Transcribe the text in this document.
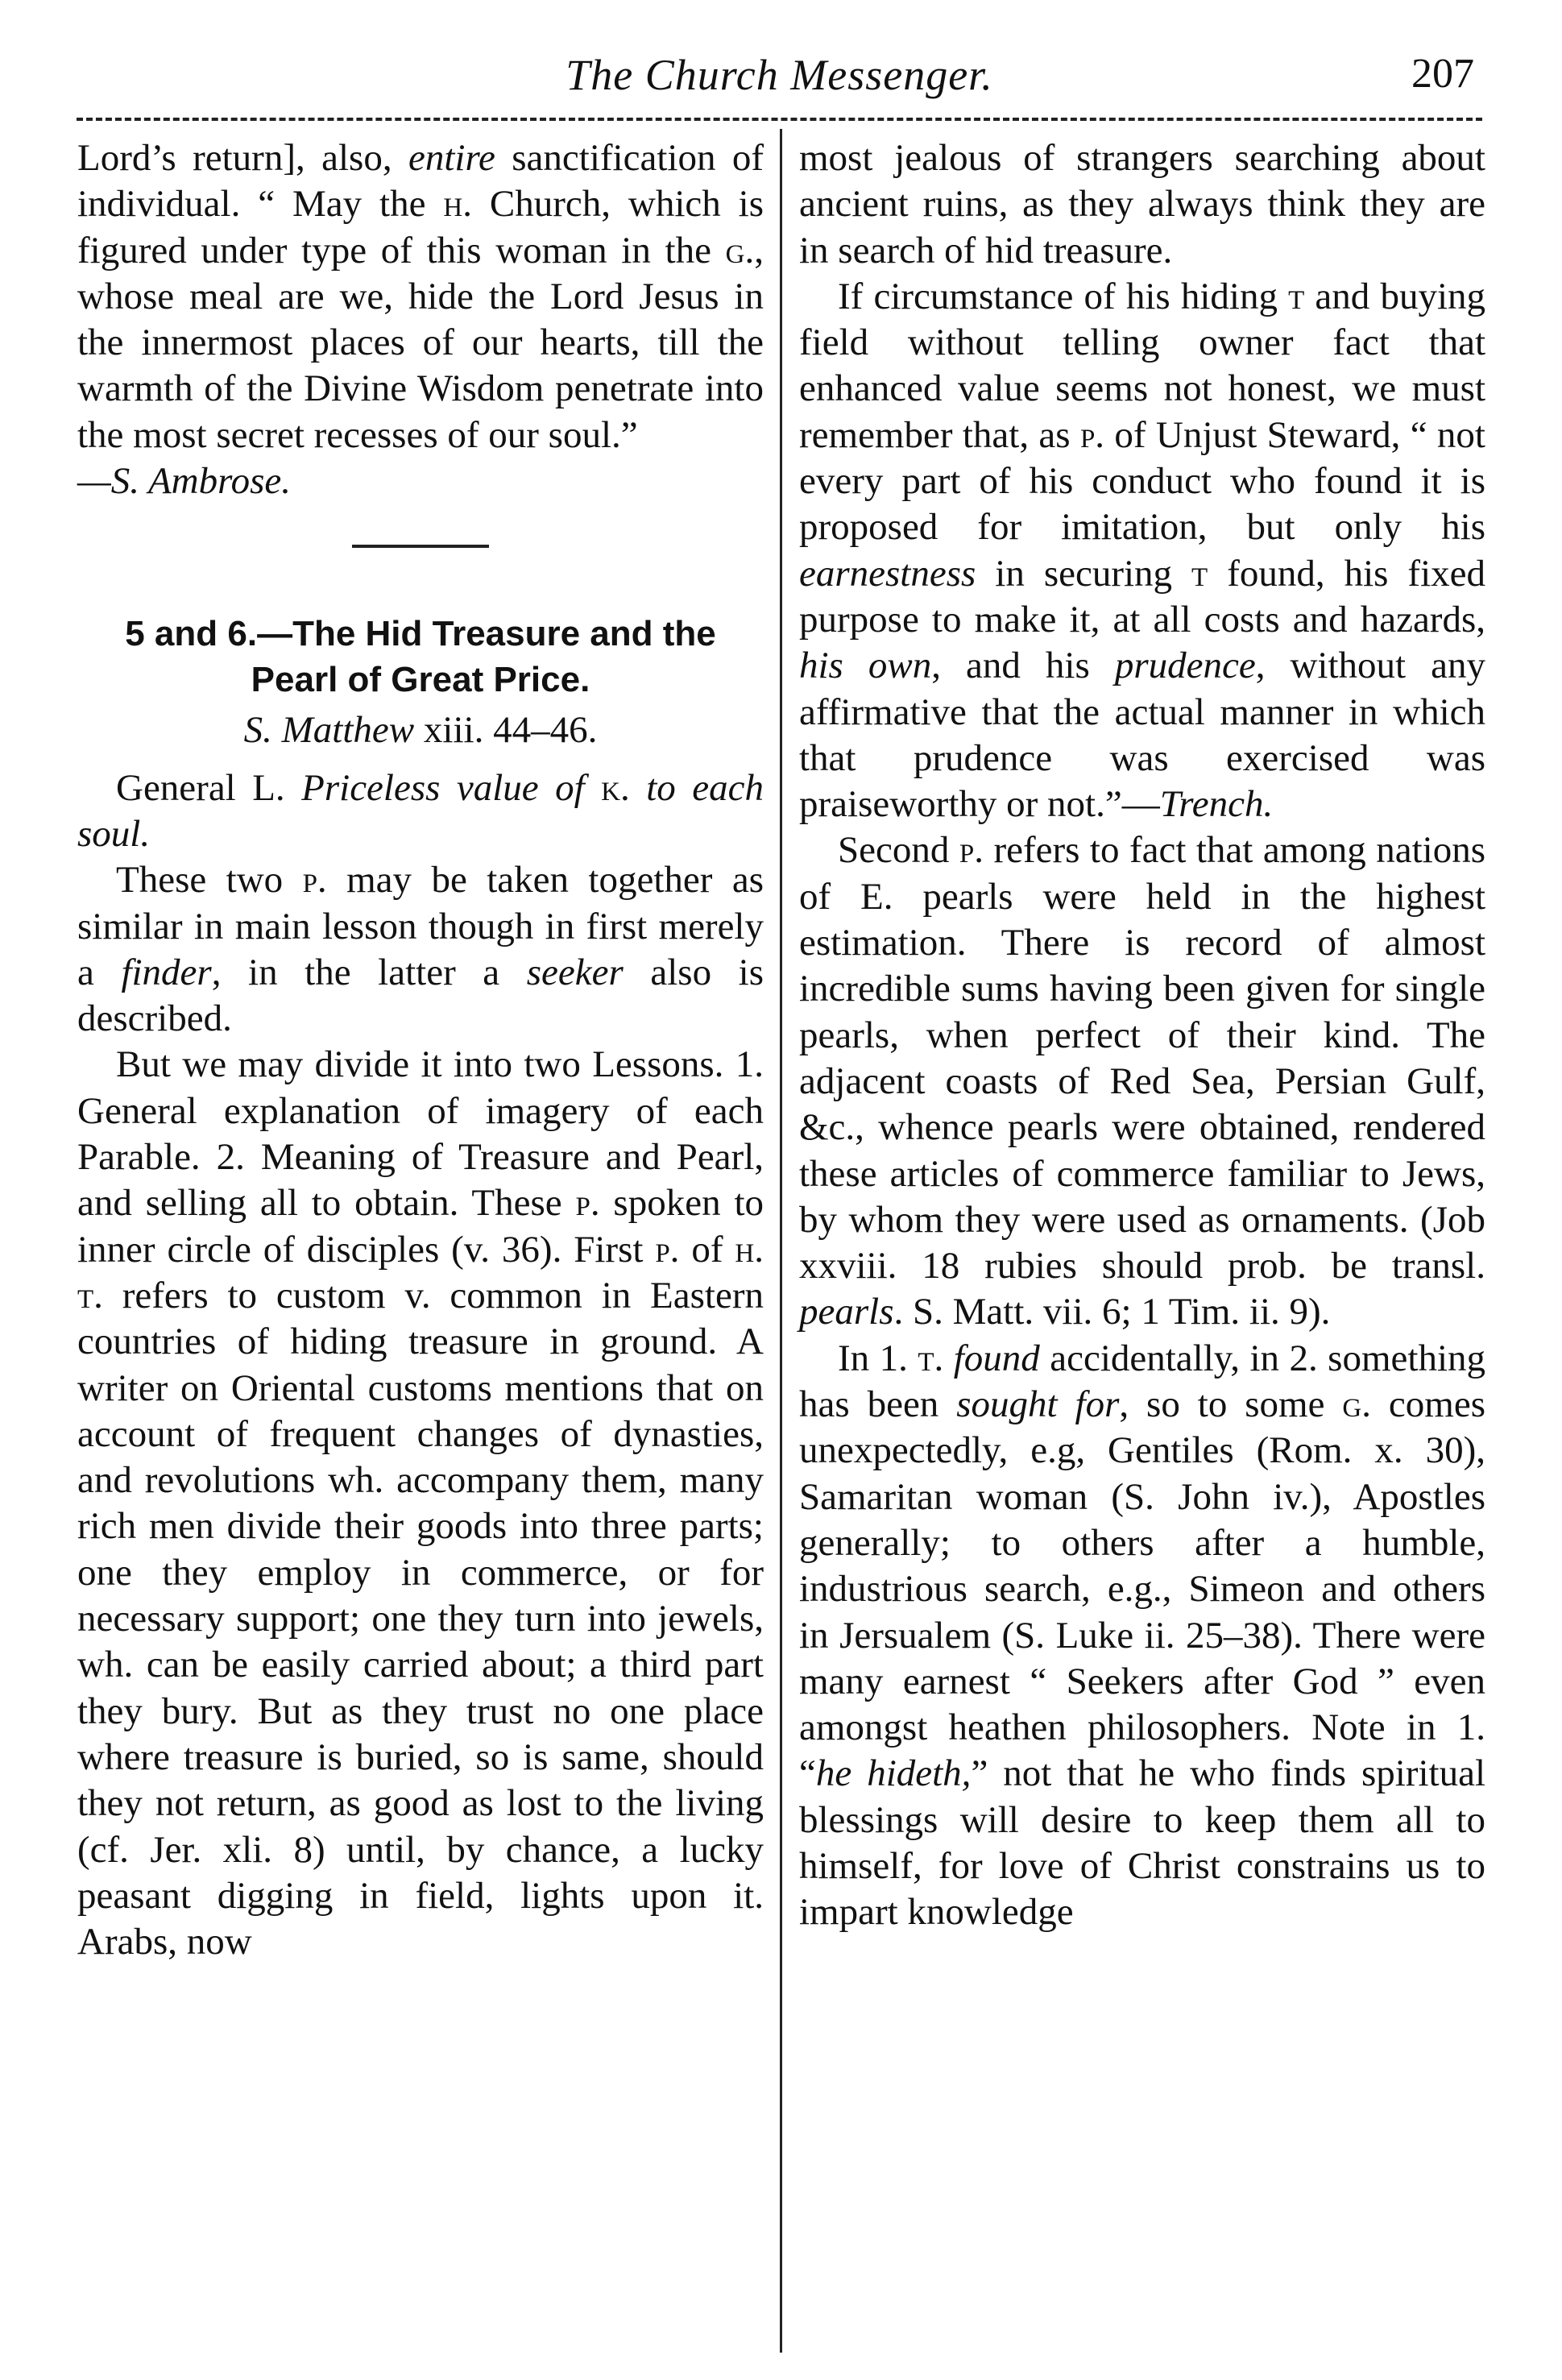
The Church Messenger.	207

Lord’s return], also, entire sanctification of individual. “ May the h. Church, which is figured under type of this woman in the g., whose meal are we, hide the Lord Jesus in the innermost places of our hearts, till the warmth of the Divine Wisdom penetrate into the most secret recesses of our soul.”

—S. Ambrose.

5 and 6.—The Hid Treasure and the
Pearl of Great Price.

S. Matthew xiii. 44–46.

General L. Priceless value of k. to each soul.

These two p. may be taken together as similar in main lesson though in first merely a finder, in the latter a seeker also is described.

But we may divide it into two Lessons. 1. General explanation of imagery of each Parable. 2. Meaning of Treasure and Pearl, and selling all to obtain. These p. spoken to inner circle of disciples (v. 36). First p. of h. t. refers to custom v. common in Eastern countries of hiding treasure in ground. A writer on Oriental customs mentions that on account of frequent changes of dynasties, and revolutions wh. accompany them, many rich men divide their goods into three parts; one they employ in commerce, or for necessary support; one they turn into jewels, wh. can be easily carried about; a third part they bury. But as they trust no one place where treasure is buried, so is same, should they not return, as good as lost to the living (cf. Jer. xli. 8) until, by chance, a lucky peasant digging in field, lights upon it. Arabs, now

most jealous of strangers searching about ancient ruins, as they always think they are in search of hid treasure.

If circumstance of his hiding t and buying field without telling owner fact that enhanced value seems not honest, we must remember that, as p. of Unjust Steward, “ not every part of his conduct who found it is proposed for imitation, but only his earnestness in securing t found, his fixed purpose to make it, at all costs and hazards, his own, and his prudence, without any affirmative that the actual manner in which that prudence was exercised was praiseworthy or not.”—Trench.

Second p. refers to fact that among nations of E. pearls were held in the highest estimation. There is record of almost incredible sums having been given for single pearls, when perfect of their kind. The adjacent coasts of Red Sea, Persian Gulf, &c., whence pearls were obtained, rendered these articles of commerce familiar to Jews, by whom they were used as ornaments. (Job xxviii. 18 rubies should prob. be transl. pearls. S. Matt. vii. 6; 1 Tim. ii. 9).

In 1. t. found accidentally, in 2. something has been sought for, so to some g. comes unexpectedly, e.g, Gentiles (Rom. x. 30), Samaritan woman (S. John iv.), Apostles generally; to others after a humble, industrious search, e.g., Simeon and others in Jersualem (S. Luke ii. 25–38). There were many earnest “ Seekers after God ” even amongst heathen philosophers. Note in 1. “he hideth,” not that he who finds spiritual blessings will desire to keep them all to himself, for love of Christ constrains us to impart knowledge
